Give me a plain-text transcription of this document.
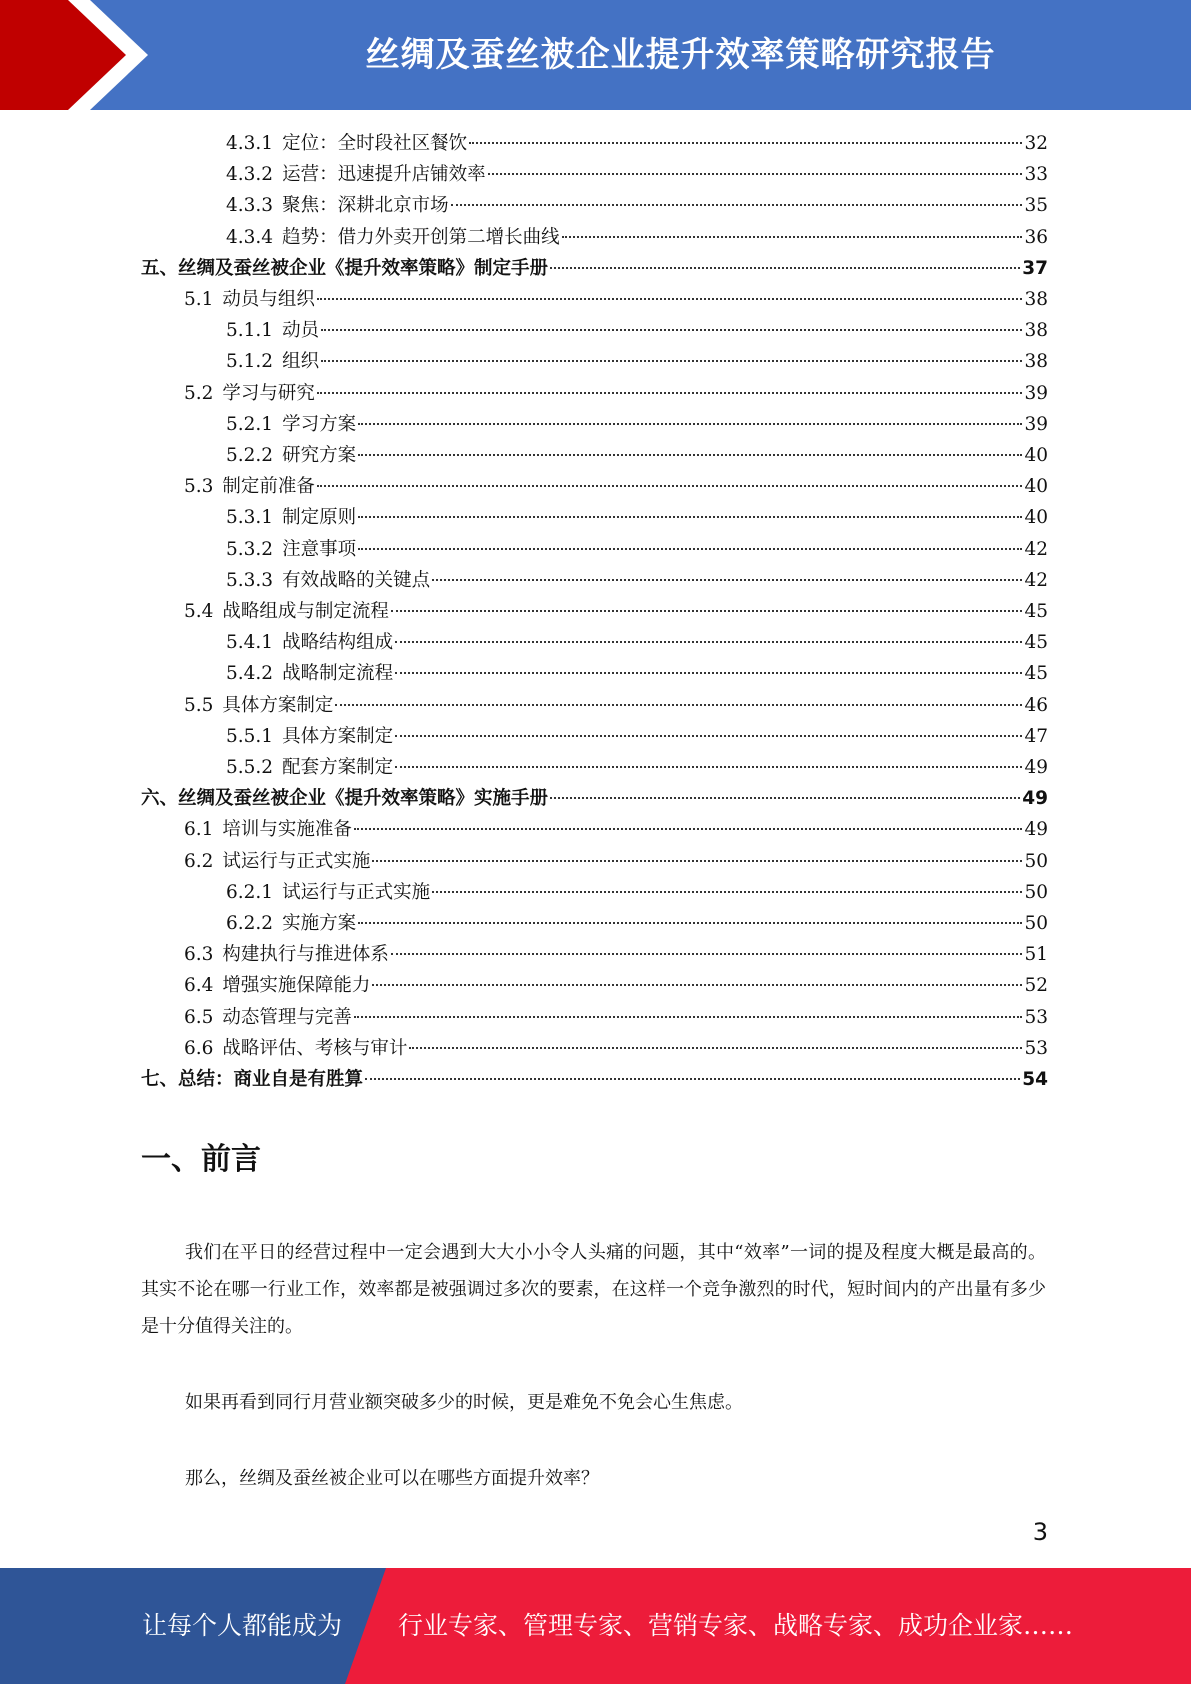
丝绸及蚕丝被企业提升效率策略研究报告
4.3.1 定位：全时段社区餐饮	32
4.3.2 运营：迅速提升店铺效率	33
4.3.3 聚焦：深耕北京市场	35
4.3.4 趋势：借力外卖开创第二增长曲线	36
五、丝绸及蚕丝被企业《提升效率策略》制定手册	37
5.1 动员与组织	38
5.1.1 动员	38
5.1.2 组织	38
5.2 学习与研究	39
5.2.1 学习方案	39
5.2.2 研究方案	40
5.3 制定前准备	40
5.3.1 制定原则	40
5.3.2 注意事项	42
5.3.3 有效战略的关键点	42
5.4 战略组成与制定流程	45
5.4.1 战略结构组成	45
5.4.2 战略制定流程	45
5.5 具体方案制定	46
5.5.1 具体方案制定	47
5.5.2 配套方案制定	49
六、丝绸及蚕丝被企业《提升效率策略》实施手册	49
6.1 培训与实施准备	49
6.2 试运行与正式实施	50
6.2.1 试运行与正式实施	50
6.2.2 实施方案	50
6.3 构建执行与推进体系	51
6.4 增强实施保障能力	52
6.5 动态管理与完善	53
6.6 战略评估、考核与审计	53
七、总结：商业自是有胜算	54
一、前言
我们在平日的经营过程中一定会遇到大大小小令人头痛的问题，其中“效率”一词的提及程度大概是最高的。其实不论在哪一行业工作，效率都是被强调过多次的要素，在这样一个竞争激烈的时代，短时间内的产出量有多少是十分值得关注的。
如果再看到同行月营业额突破多少的时候，更是难免不免会心生焦虑。
那么，丝绸及蚕丝被企业可以在哪些方面提升效率？
3
让每个人都能成为 行业专家、管理专家、营销专家、战略专家、成功企业家……
